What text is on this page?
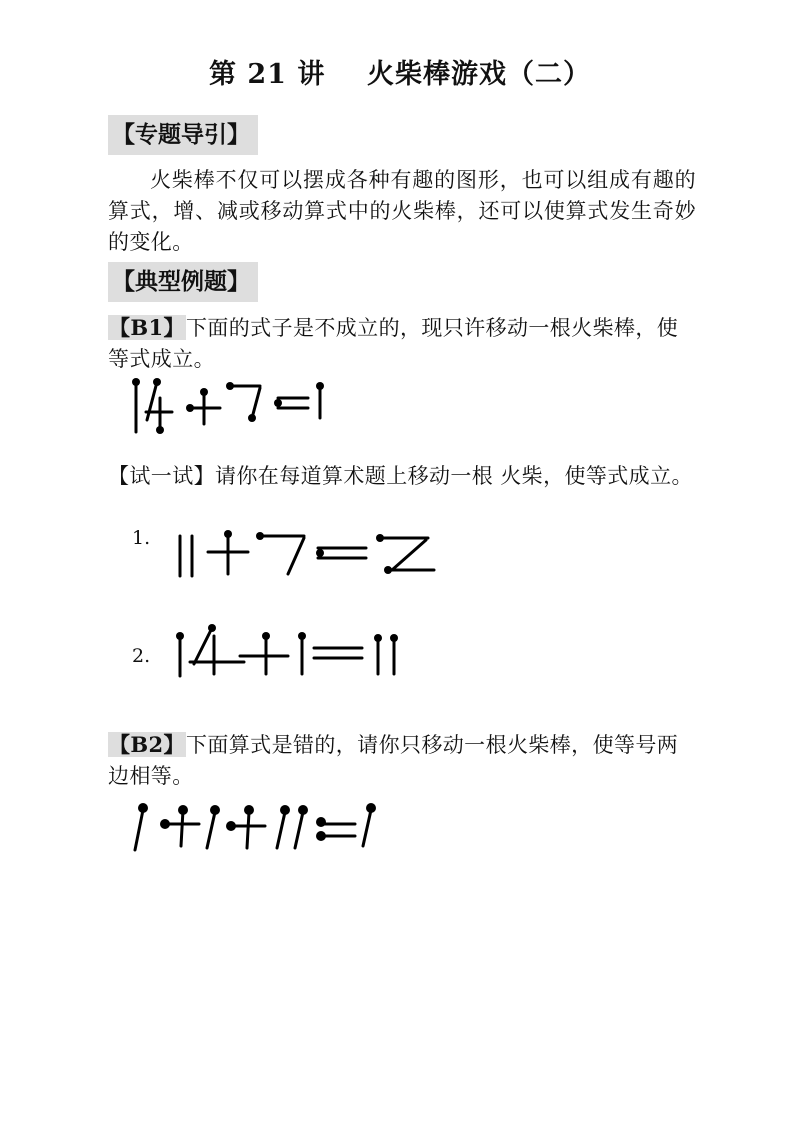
第 21 讲    火柴棒游戏（二）
【专题导引】
火柴棒不仅可以摆成各种有趣的图形，也可以组成有趣的算式，增、减或移动算式中的火柴棒，还可以使算式发生奇妙的变化。
【典型例题】
【B1】下面的式子是不成立的，现只许移动一根火柴棒，使等式成立。
【试一试】请你在每道算术题上移动一根 火柴，使等式成立。
1.
2.
【B2】下面算式是错的，请你只移动一根火柴棒，使等号两边相等。
